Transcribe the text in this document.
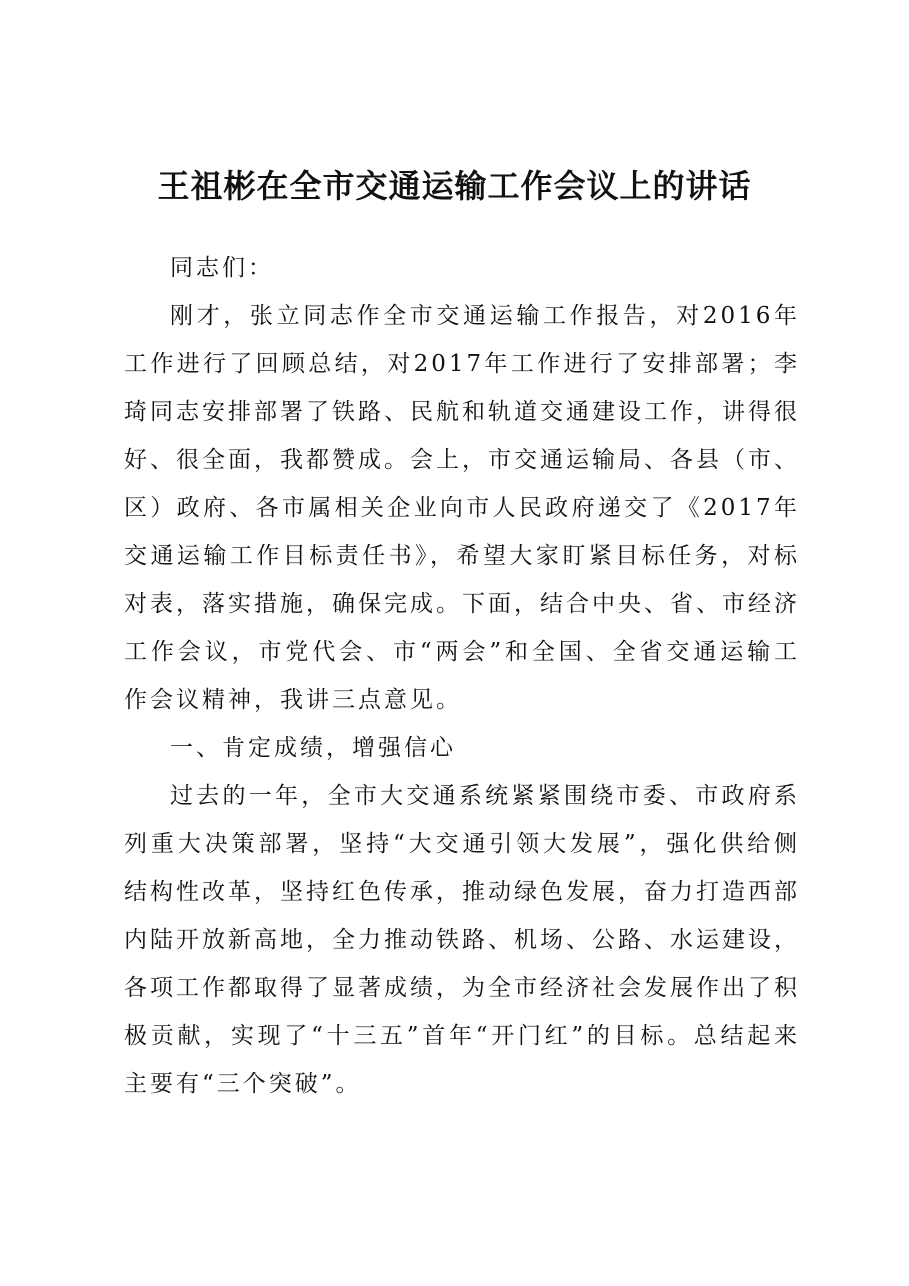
王祖彬在全市交通运输工作会议上的讲话

同志们：

刚才，张立同志作全市交通运输工作报告，对2016年工作进行了回顾总结，对2017年工作进行了安排部署；李琦同志安排部署了铁路、民航和轨道交通建设工作，讲得很好、很全面，我都赞成。会上，市交通运输局、各县（市、区）政府、各市属相关企业向市人民政府递交了《2017年交通运输工作目标责任书》，希望大家盯紧目标任务，对标对表，落实措施，确保完成。下面，结合中央、省、市经济工作会议，市党代会、市“两会”和全国、全省交通运输工作会议精神，我讲三点意见。

一、肯定成绩，增强信心

过去的一年，全市大交通系统紧紧围绕市委、市政府系列重大决策部署，坚持“大交通引领大发展”，强化供给侧结构性改革，坚持红色传承，推动绿色发展，奋力打造西部内陆开放新高地，全力推动铁路、机场、公路、水运建设，各项工作都取得了显著成绩，为全市经济社会发展作出了积极贡献，实现了“十三五”首年“开门红”的目标。总结起来主要有“三个突破”。
